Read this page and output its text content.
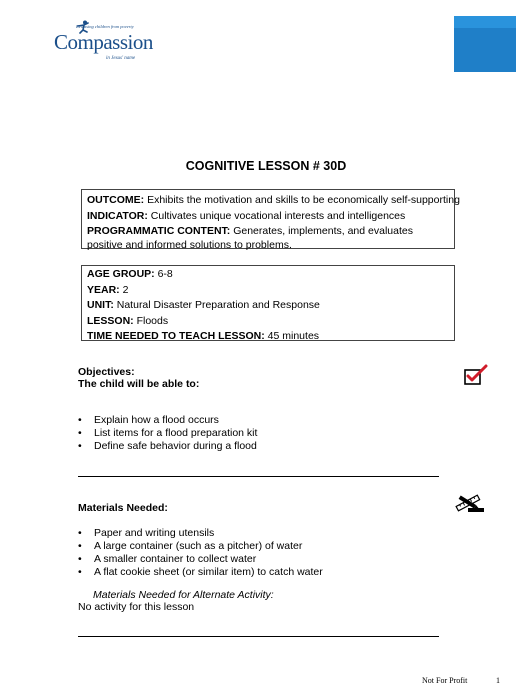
Releasing children from poverty
Compassion
in Jesus' name
COGNITIVE LESSON # 30D
OUTCOME: Exhibits the motivation and skills to be economically self-supporting
INDICATOR: Cultivates unique vocational interests and intelligences
PROGRAMMATIC CONTENT: Generates, implements, and evaluates positive and informed solutions to problems.
AGE GROUP: 6-8
YEAR: 2
UNIT: Natural Disaster Preparation and Response
LESSON: Floods
TIME NEEDED TO TEACH LESSON: 45 minutes
Objectives:
The child will be able to:
• Explain how a flood occurs
• List items for a flood preparation kit
• Define safe behavior during a flood
Materials Needed:
• Paper and writing utensils
• A large container (such as a pitcher) of water
• A smaller container to collect water
• A flat cookie sheet (or similar item) to catch water
Materials Needed for Alternate Activity:
No activity for this lesson
Not For Profit	1
